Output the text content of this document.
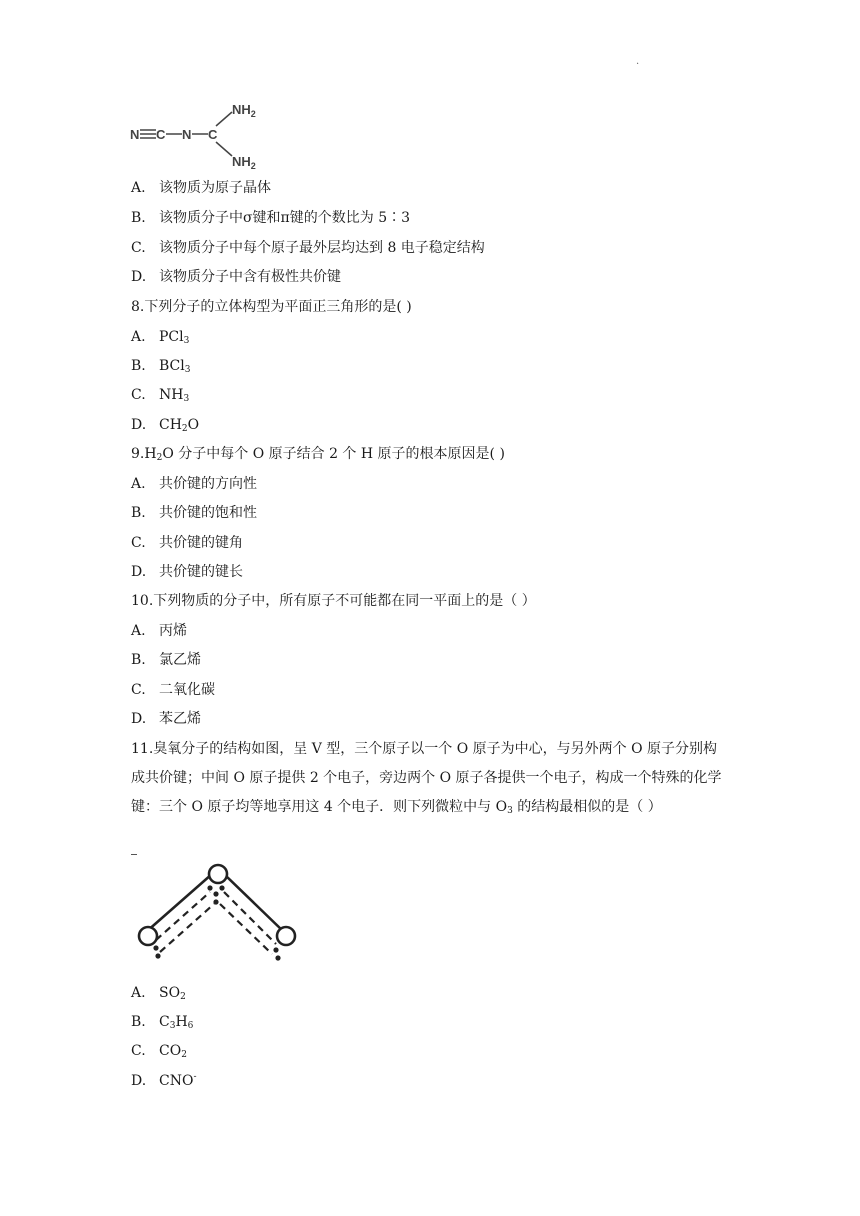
.
N C N C
$NH_2$
$NH_2$
A. 该物质为原子晶体
B. 该物质分子中σ键和π键的个数比为 5∶3
C. 该物质分子中每个原子最外层均达到 8 电子稳定结构
D. 该物质分子中含有极性共价键
8.下列分子的立体构型为平面正三角形的是( )
A. PCl$_3$
B. BCl$_3$
C. $NH_3$
D. $CH_2O$
$9.H_2O$ 分子中每个 O 原子结合 2 个 H 原子的根本原因是( )
A. 共价键的方向性
B. 共价键的饱和性
C. 共价键的键角
D. 共价键的键长
10.下列物质的分子中，所有原子不可能都在同一平面上的是（ ）
A. 丙烯
B. 氯乙烯
C. 二氧化碳
D. 苯乙烯
11.臭氧分子的结构如图，呈 V 型，三个原子以一个 O 原子为中心，与另外两个 O 原子分别构成共价键；中间 O 原子提供 2 个电子，旁边两个 O 原子各提供一个电子，构成一个特殊的化学键：三个 O 原子均等地享用这 4 个电子．则下列微粒中与 $O_3$ 的结构最相似的是（ ）
A. $SO_2$
B. $C_3H_6$
C. $CO_2$
D. CNO-
